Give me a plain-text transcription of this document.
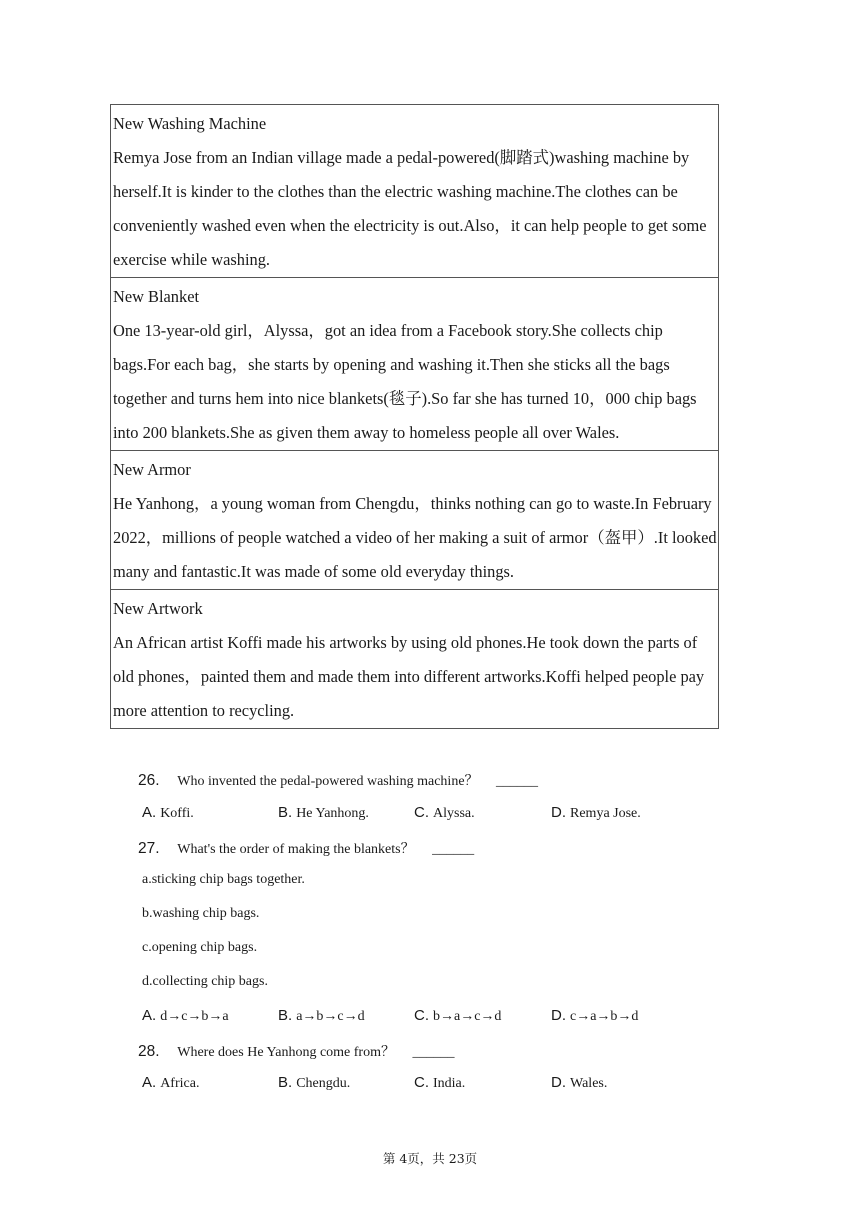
New Washing Machine
Remya Jose from an Indian village made a pedal-powered(脚踏式)washing machine by herself.It is kinder to the clothes than the electric washing machine.The clothes can be conveniently washed even when the electricity is out.Also，it can help people to get some exercise while washing.
New Blanket
One 13-year-old girl，Alyssa，got an idea from a Facebook story.She collects chip bags.For each bag，she starts by opening and washing it.Then she sticks all the bags together and turns hem into nice blankets(毯子).So far she has turned 10，000 chip bags into 200 blankets.She as given them away to homeless people all over Wales.
New Armor
He Yanhong，a young woman from Chengdu，thinks nothing can go to waste.In February 2022，millions of people watched a video of her making a suit of armor（盔甲）.It looked many and fantastic.It was made of some old everyday things.
New Artwork
An African artist Koffi made his artworks by using old phones.He took down the parts of old phones，painted them and made them into different artworks.Koffi helped people pay more attention to recycling.
26. Who invented the pedal-powered washing machine？ ______
A. Koffi.	B. He Yanhong.	C. Alyssa.	D. Remya Jose.
27. What's the order of making the blankets？ ______
a.sticking chip bags together.
b.washing chip bags.
c.opening chip bags.
d.collecting chip bags.
A. d→c→b→a	B. a→b→c→d	C. b→a→c→d	D. c→a→b→d
28. Where does He Yanhong come from？ ______
A. Africa.	B. Chengdu.	C. India.	D. Wales.
第 4页，共 23页
